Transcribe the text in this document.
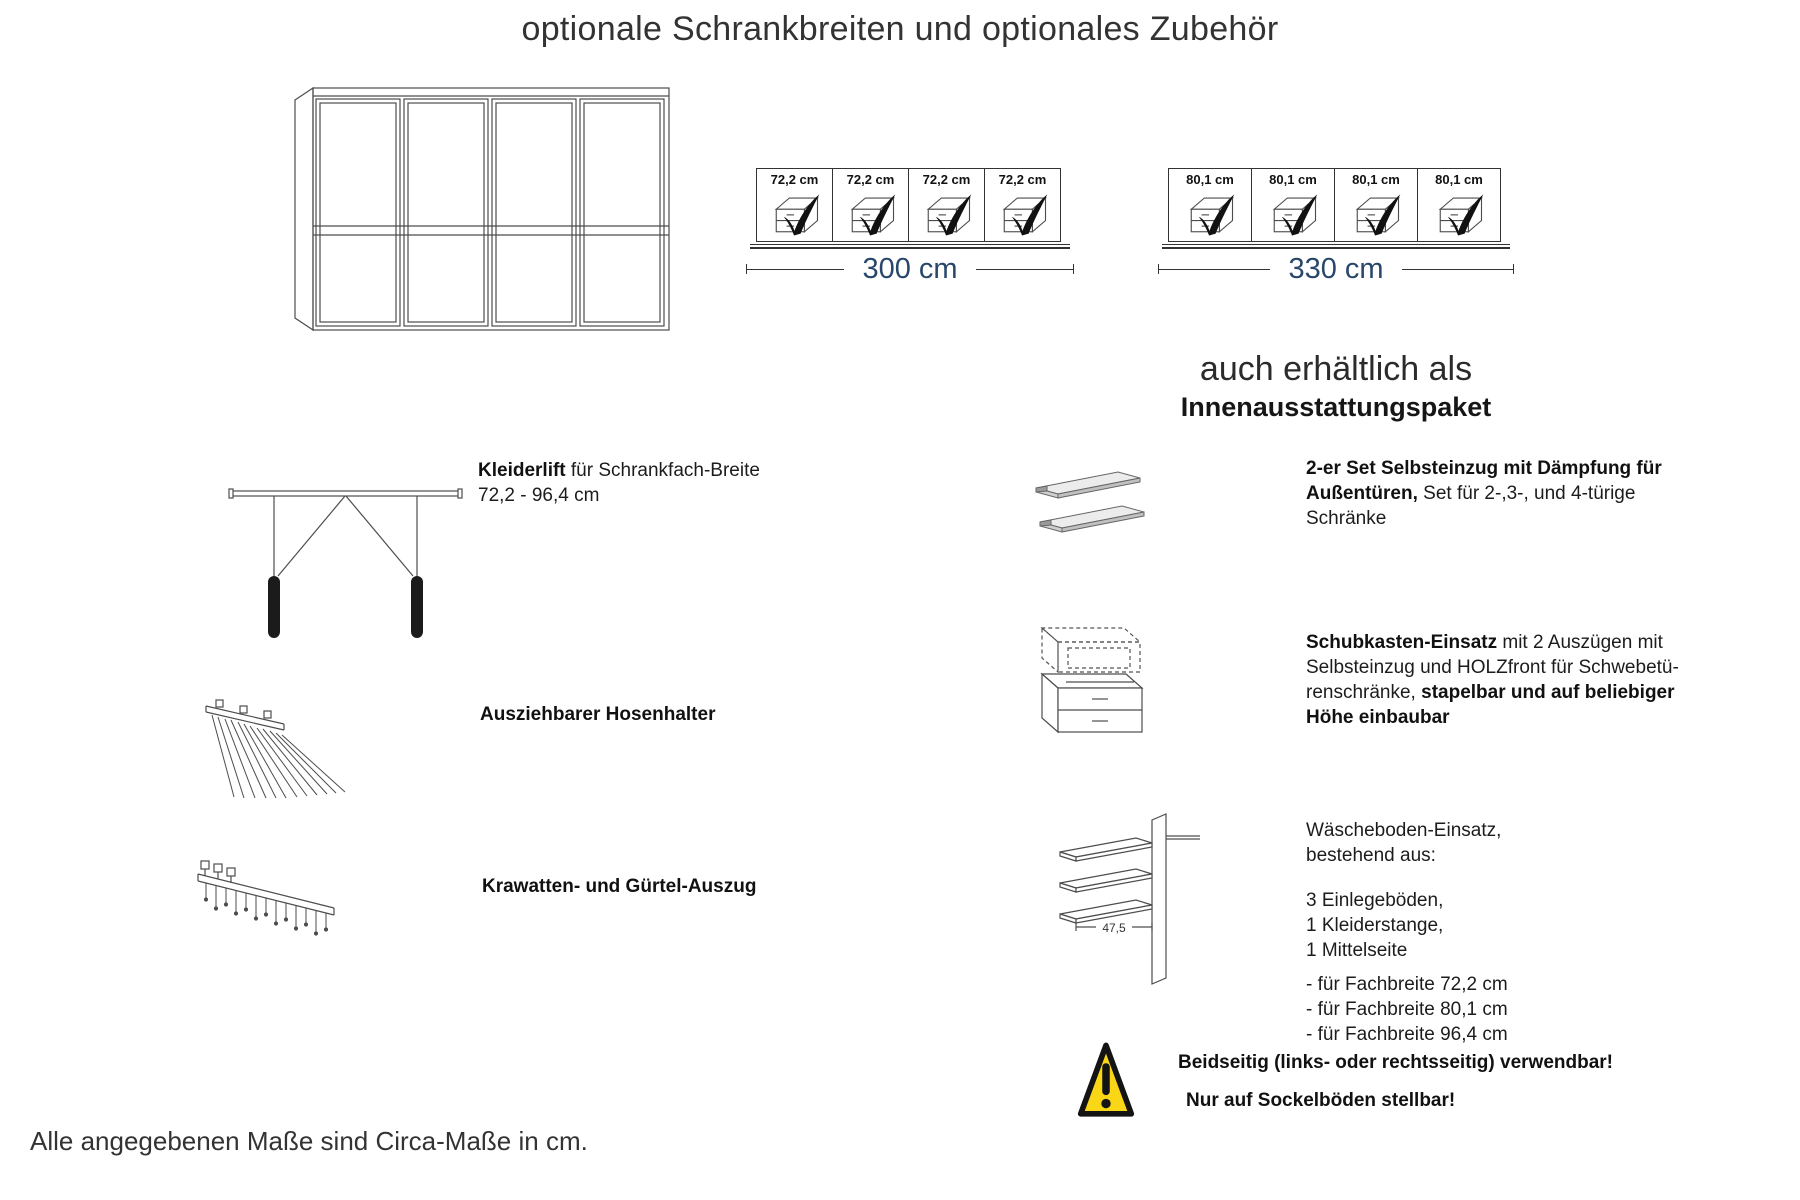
optionale Schrankbreiten und optionales Zubehör
72,2 cm 72,2 cm 72,2 cm 72,2 cm
300 cm
80,1 cm	80,1 cm	80,1 cm	80,1 cm
330 cm
auch erhältlich als
Innenausstattungspaket
Kleiderlift für Schrankfach-Breite
72,2 - 96,4 cm
2-er Set Selbsteinzug mit Dämpfung für Außentüren, Set für 2-,3-, und 4-türige Schränke
Ausziehbarer Hosenhalter
Schubkasten-Einsatz mit 2 Auszügen mit Selbsteinzug und HOLZfront für Schwebetü-renschränke, stapelbar und auf beliebiger Höhe einbaubar
Krawatten- und Gürtel-Auszug
47,5
Wäscheboden-Einsatz,
bestehend aus:
3 Einlegeböden,
1 Kleiderstange,
1 Mittelseite
- für Fachbreite 72,2 cm
- für Fachbreite 80,1 cm
- für Fachbreite 96,4 cm
Beidseitig (links- oder rechtsseitig) verwendbar!
Nur auf Sockelböden stellbar!
Alle angegebenen Maße sind Circa-Maße in cm.
